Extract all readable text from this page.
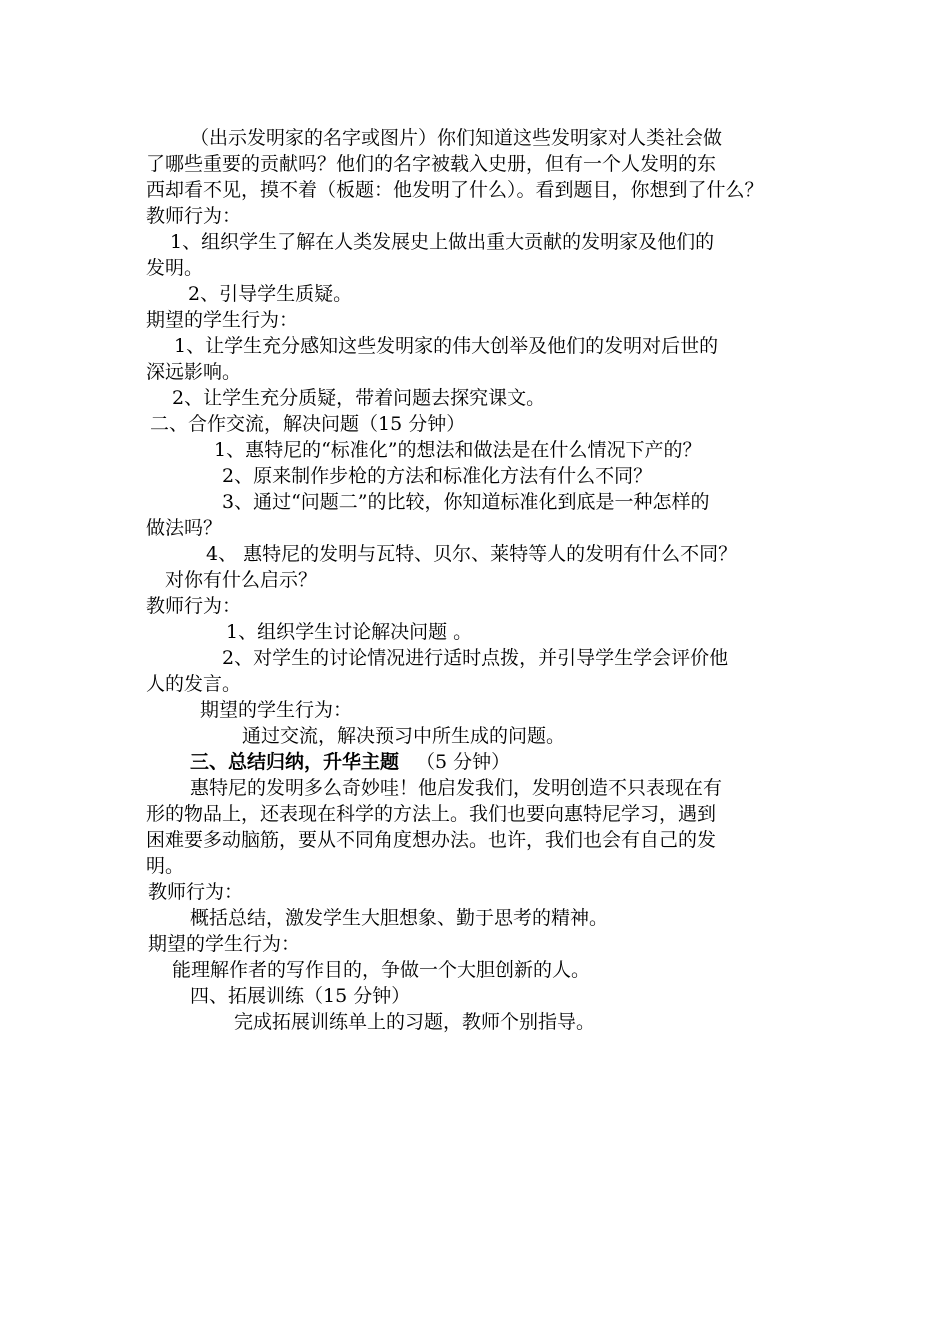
（出示发明家的名字或图片）你们知道这些发明家对人类社会做
了哪些重要的贡献吗？他们的名字被载入史册，但有一个人发明的东
西却看不见，摸不着（板题：他发明了什么）。看到题目，你想到了什么？
教师行为：
1、组织学生了解在人类发展史上做出重大贡献的发明家及他们的
发明。
2、引导学生质疑。
期望的学生行为：
1、让学生充分感知这些发明家的伟大创举及他们的发明对后世的
深远影响。
2、让学生充分质疑，带着问题去探究课文。
二、合作交流，解决问题（15 分钟）
1、惠特尼的“标准化”的想法和做法是在什么情况下产的？
2、原来制作步枪的方法和标准化方法有什么不同？
3、通过“问题二”的比较，你知道标准化到底是一种怎样的
做法吗？
4、 惠特尼的发明与瓦特、贝尔、莱特等人的发明有什么不同？
对你有什么启示？
教师行为：
1、组织学生讨论解决问题 。
2、对学生的讨论情况进行适时点拨，并引导学生学会评价他
人的发言。
期望的学生行为：
通过交流，解决预习中所生成的问题。
三、总结归纳，升华主题 （5 分钟）
惠特尼的发明多么奇妙哇！他启发我们，发明创造不只表现在有
形的物品上，还表现在科学的方法上。我们也要向惠特尼学习，遇到
困难要多动脑筋，要从不同角度想办法。也许，我们也会有自己的发
明。
教师行为：
概括总结，激发学生大胆想象、勤于思考的精神。
期望的学生行为：
能理解作者的写作目的，争做一个大胆创新的人。
四、拓展训练（15 分钟）
完成拓展训练单上的习题，教师个别指导。
